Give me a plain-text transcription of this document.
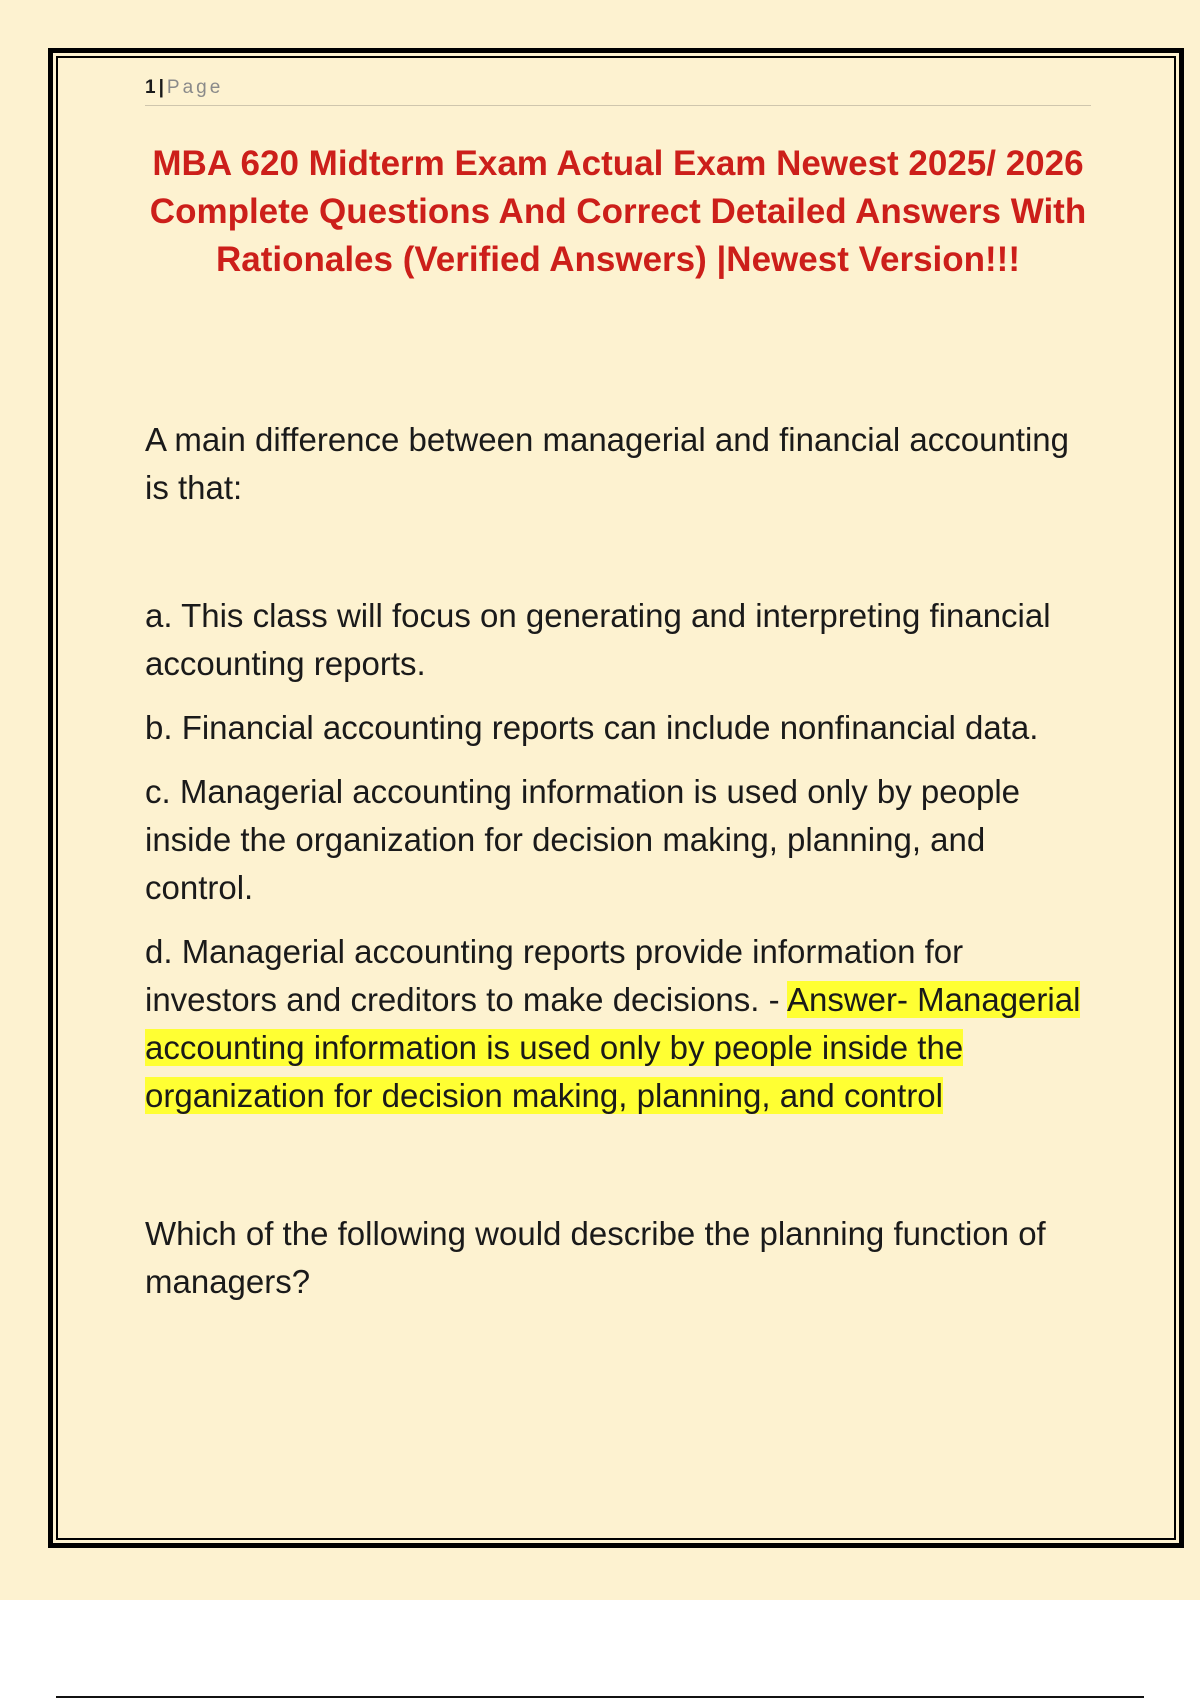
1 | Page
MBA 620 Midterm Exam Actual Exam Newest 2025/ 2026 Complete Questions And Correct Detailed Answers With Rationales (Verified Answers) |Newest Version!!!

A main difference between managerial and financial accounting is that:

a. This class will focus on generating and interpreting financial accounting reports.

b. Financial accounting reports can include nonfinancial data.

c. Managerial accounting information is used only by people inside the organization for decision making, planning, and control.

d. Managerial accounting reports provide information for investors and creditors to make decisions. - Answer- Managerial accounting information is used only by people inside the organization for decision making, planning, and control

Which of the following would describe the planning function of managers?
